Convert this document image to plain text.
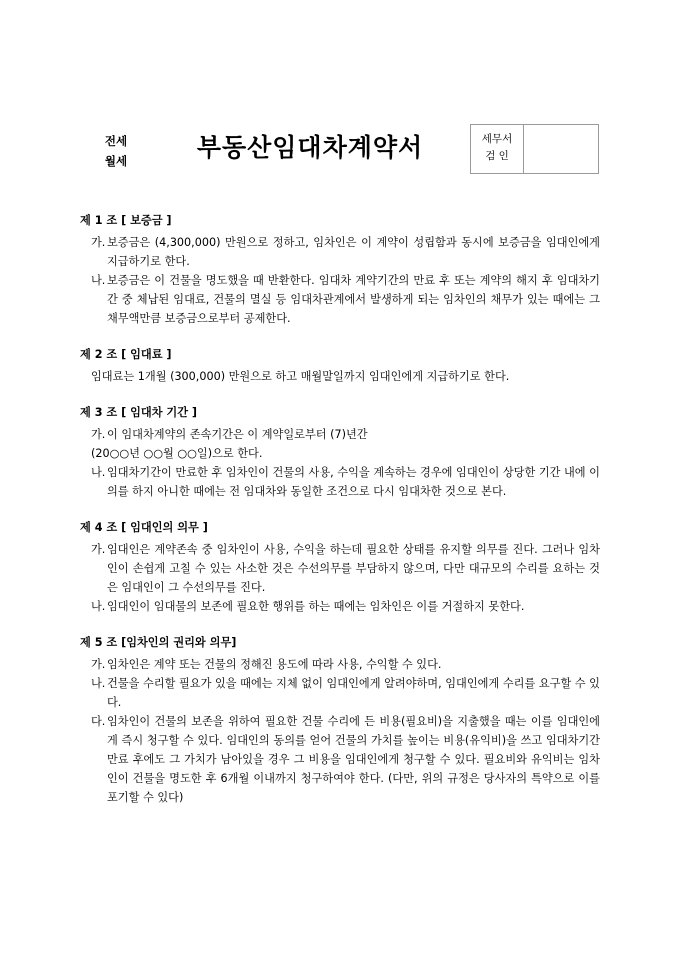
전세
월세	부동산임대차계약서	세무서
검 인
제 1 조 [ 보증금 ]
가. 보증금은 (4,300,000) 만원으로 정하고, 임차인은 이 계약이 성립함과 동시에 보증금을 임대인에게 지급하기로 한다.
나. 보증금은 이 건물을 명도했을 때 반환한다. 임대차 계약기간의 만료 후 또는 계약의 해지 후 임대차기간 중 체납된 임대료, 건물의 멸실 등 임대차관계에서 발생하게 되는 임차인의 채무가 있는 때에는 그 채무액만큼 보증금으로부터 공제한다.
제 2 조 [ 임대료 ]
임대료는 1개월 (300,000) 만원으로 하고 매월말일까지 임대인에게 지급하기로 한다.
제 3 조 [ 임대차 기간 ]
가. 이 임대차계약의 존속기간은 이 계약일로부터 (7)년간
(20○○년 ○○월 ○○일)으로 한다.
나. 임대차기간이 만료한 후 임차인이 건물의 사용, 수익을 계속하는 경우에 임대인이 상당한 기간 내에 이의를 하지 아니한 때에는 전 임대차와 동일한 조건으로 다시 임대차한 것으로 본다.
제 4 조 [ 임대인의 의무 ]
가. 임대인은 계약존속 중 임차인이 사용, 수익을 하는데 필요한 상태를 유지할 의무를 진다. 그러나 임차인이 손쉽게 고칠 수 있는 사소한 것은 수선의무를 부담하지 않으며, 다만 대규모의 수리를 요하는 것은 임대인이 그 수선의무를 진다.
나. 임대인이 임대물의 보존에 필요한 행위를 하는 때에는 임차인은 이를 거절하지 못한다.
제 5 조 [임차인의 권리와 의무]
가. 임차인은 계약 또는 건물의 정해진 용도에 따라 사용, 수익할 수 있다.
나. 건물을 수리할 필요가 있을 때에는 지체 없이 임대인에게 알려야하며, 임대인에게 수리를 요구할 수 있다.
다. 임차인이 건물의 보존을 위하여 필요한 건물 수리에 든 비용(필요비)을 지출했을 때는 이를 임대인에게 즉시 청구할 수 있다. 임대인의 동의를 얻어 건물의 가치를 높이는 비용(유익비)을 쓰고 임대차기간 만료 후에도 그 가치가 남아있을 경우 그 비용을 임대인에게 청구할 수 있다. 필요비와 유익비는 임차인이 건물을 명도한 후 6개월 이내까지 청구하여야 한다. (다만, 위의 규정은 당사자의 특약으로 이를 포기할 수 있다)
